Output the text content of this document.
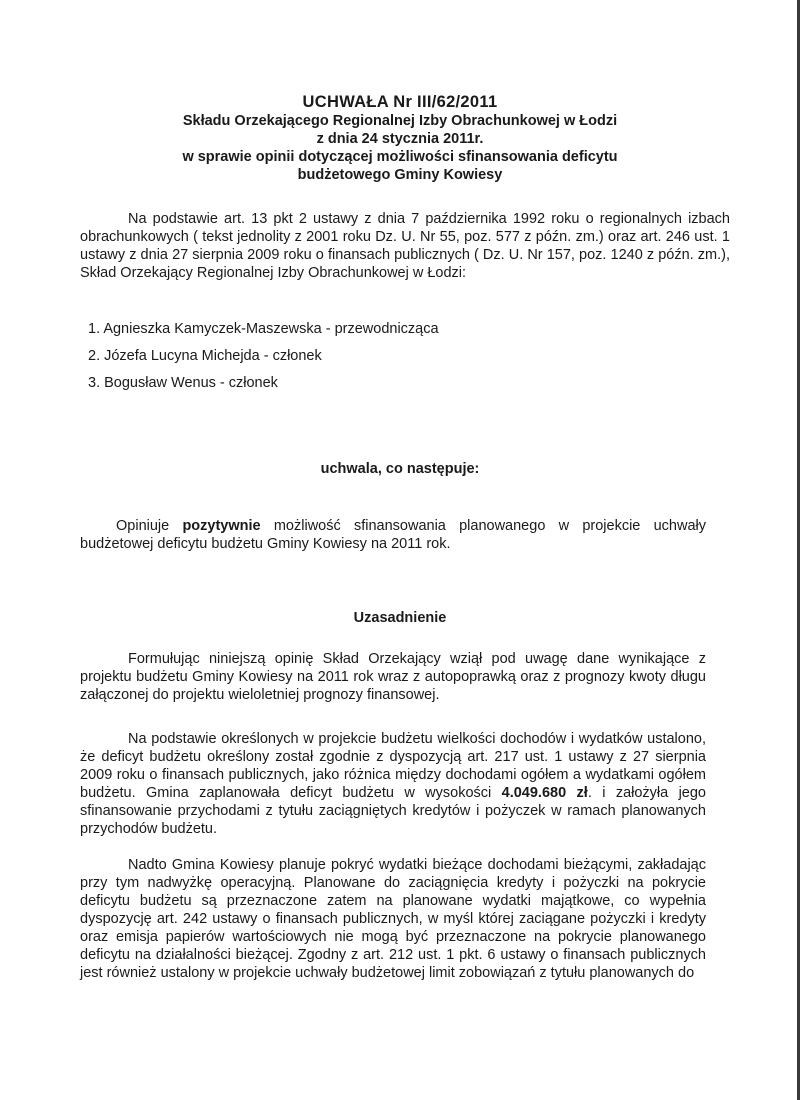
UCHWAŁA Nr III/62/2011
Składu Orzekającego Regionalnej Izby Obrachunkowej w Łodzi
z dnia 24 stycznia 2011r.
w sprawie opinii dotyczącej możliwości sfinansowania deficytu
budżetowego Gminy Kowiesy

Na podstawie art. 13 pkt 2 ustawy z dnia 7 października 1992 roku o regionalnych izbach obrachunkowych ( tekst jednolity z 2001 roku Dz. U. Nr 55, poz. 577 z późn. zm.) oraz art. 246 ust. 1 ustawy z dnia 27 sierpnia 2009 roku o finansach publicznych ( Dz. U. Nr 157, poz. 1240 z późn. zm.), Skład Orzekający Regionalnej Izby Obrachunkowej w Łodzi:

1. Agnieszka Kamyczek-Maszewska - przewodnicząca
2. Józefa Lucyna Michejda - członek
3. Bogusław Wenus - członek
uchwala, co następuje:

Opiniuje pozytywnie możliwość sfinansowania planowanego w projekcie uchwały budżetowej deficytu budżetu Gminy Kowiesy na 2011 rok.

Uzasadnienie

Formułując niniejszą opinię Skład Orzekający wziął pod uwagę dane wynikające z projektu budżetu Gminy Kowiesy na 2011 rok wraz z autopoprawką oraz z prognozy kwoty długu załączonej do projektu wieloletniej prognozy finansowej.

Na podstawie określonych w projekcie budżetu wielkości dochodów i wydatków ustalono, że deficyt budżetu określony został zgodnie z dyspozycją art. 217 ust. 1 ustawy z 27 sierpnia 2009 roku o finansach publicznych, jako różnica między dochodami ogółem a wydatkami ogółem budżetu. Gmina zaplanowała deficyt budżetu w wysokości 4.049.680 zł. i założyła jego sfinansowanie przychodami z tytułu zaciągniętych kredytów i pożyczek w ramach planowanych przychodów budżetu.

Nadto Gmina Kowiesy planuje pokryć wydatki bieżące dochodami bieżącymi, zakładając przy tym nadwyżkę operacyjną. Planowane do zaciągnięcia kredyty i pożyczki na pokrycie deficytu budżetu są przeznaczone zatem na planowane wydatki majątkowe, co wypełnia dyspozycję art. 242 ustawy o finansach publicznych, w myśl której zaciągane pożyczki i kredyty oraz emisja papierów wartościowych nie mogą być przeznaczone na pokrycie planowanego deficytu na działalności bieżącej. Zgodny z art. 212 ust. 1 pkt. 6 ustawy o finansach publicznych jest również ustalony w projekcie uchwały budżetowej limit zobowiązań z tytułu planowanych do
